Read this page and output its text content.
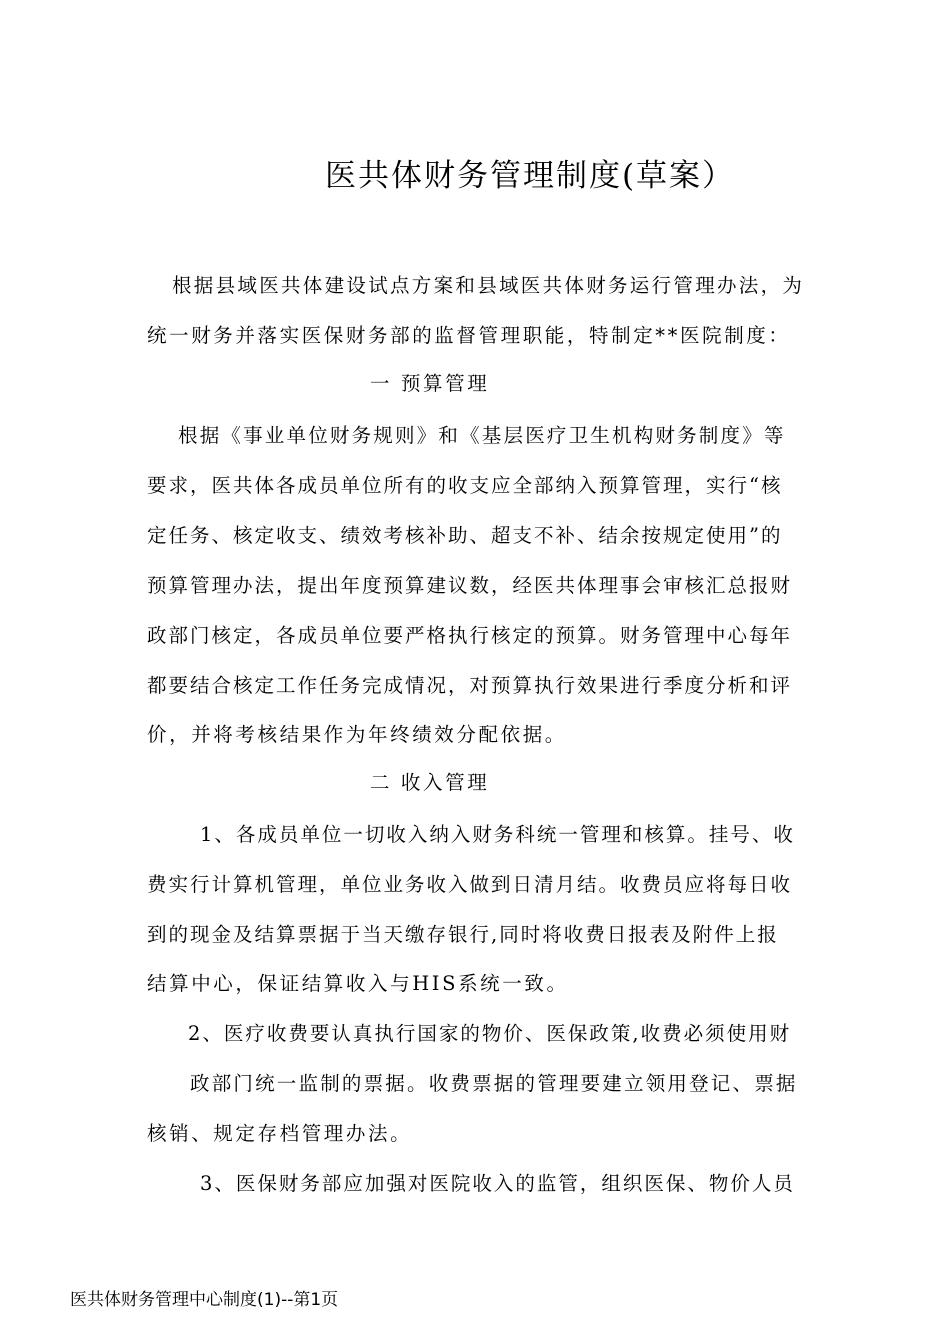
医共体财务管理制度(草案）
根据县域医共体建设试点方案和县域医共体财务运行管理办法，为
统一财务并落实医保财务部的监督管理职能，特制定**医院制度：
一 预算管理
根据《事业单位财务规则》和《基层医疗卫生机构财务制度》等
要求，医共体各成员单位所有的收支应全部纳入预算管理，实行“核
定任务、核定收支、绩效考核补助、超支不补、结余按规定使用”的
预算管理办法，提出年度预算建议数，经医共体理事会审核汇总报财
政部门核定，各成员单位要严格执行核定的预算。财务管理中心每年
都要结合核定工作任务完成情况，对预算执行效果进行季度分析和评
价，并将考核结果作为年终绩效分配依据。
二 收入管理
1、各成员单位一切收入纳入财务科统一管理和核算。挂号、收
费实行计算机管理，单位业务收入做到日清月结。收费员应将每日收
到的现金及结算票据于当天缴存银行,同时将收费日报表及附件上报
结算中心，保证结算收入与HIS系统一致。
2、医疗收费要认真执行国家的物价、医保政策,收费必须使用财
政部门统一监制的票据。收费票据的管理要建立领用登记、票据
核销、规定存档管理办法。
3、医保财务部应加强对医院收入的监管，组织医保、物价人员
医共体财务管理中心制度(1)--第1页
